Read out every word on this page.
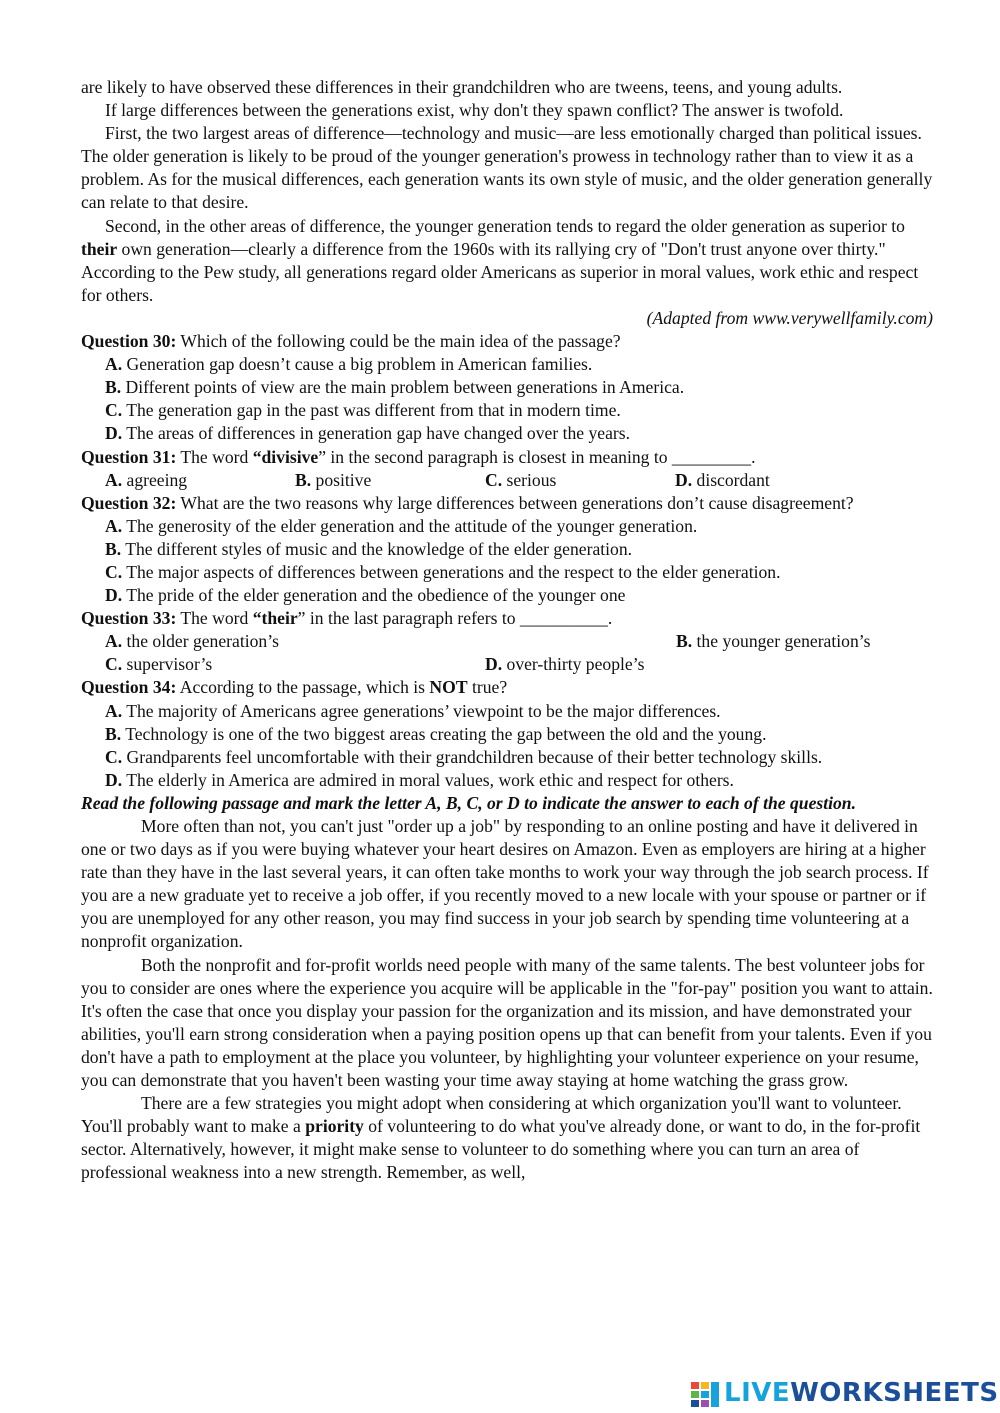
are likely to have observed these differences in their grandchildren who are tweens, teens, and young adults.

If large differences between the generations exist, why don't they spawn conflict? The answer is twofold.

First, the two largest areas of difference—technology and music—are less emotionally charged than political issues. The older generation is likely to be proud of the younger generation's prowess in technology rather than to view it as a problem. As for the musical differences, each generation wants its own style of music, and the older generation generally can relate to that desire.

Second, in the other areas of difference, the younger generation tends to regard the older generation as superior to their own generation—clearly a difference from the 1960s with its rallying cry of "Don't trust anyone over thirty." According to the Pew study, all generations regard older Americans as superior in moral values, work ethic and respect for others.

(Adapted from www.verywellfamily.com)

Question 30: Which of the following could be the main idea of the passage?

A. Generation gap doesn’t cause a big problem in American families.

B. Different points of view are the main problem between generations in America.

C. The generation gap in the past was different from that in modern time.

D. The areas of differences in generation gap have changed over the years.

Question 31: The word “divisive” in the second paragraph is closest in meaning to _________.

A. agreeing	B. positive	C. serious	D. discordant

Question 32: What are the two reasons why large differences between generations don’t cause disagreement?

A. The generosity of the elder generation and the attitude of the younger generation.

B. The different styles of music and the knowledge of the elder generation.

C. The major aspects of differences between generations and the respect to the elder generation.

D. The pride of the elder generation and the obedience of the younger one

Question 33: The word “their” in the last paragraph refers to __________.

A. the older generation’s	B. the younger generation’s
C. supervisor’s	D. over-thirty people’s

Question 34: According to the passage, which is NOT true?

A. The majority of Americans agree generations’ viewpoint to be the major differences.

B. Technology is one of the two biggest areas creating the gap between the old and the young.

C. Grandparents feel uncomfortable with their grandchildren because of their better technology skills.

D. The elderly in America are admired in moral values, work ethic and respect for others.

Read the following passage and mark the letter A, B, C, or D to indicate the answer to each of the question.

More often than not, you can't just "order up a job" by responding to an online posting and have it delivered in one or two days as if you were buying whatever your heart desires on Amazon. Even as employers are hiring at a higher rate than they have in the last several years, it can often take months to work your way through the job search process. If you are a new graduate yet to receive a job offer, if you recently moved to a new locale with your spouse or partner or if you are unemployed for any other reason, you may find success in your job search by spending time volunteering at a nonprofit organization.

Both the nonprofit and for-profit worlds need people with many of the same talents. The best volunteer jobs for you to consider are ones where the experience you acquire will be applicable in the "for-pay" position you want to attain. It's often the case that once you display your passion for the organization and its mission, and have demonstrated your abilities, you'll earn strong consideration when a paying position opens up that can benefit from your talents. Even if you don't have a path to employment at the place you volunteer, by highlighting your volunteer experience on your resume, you can demonstrate that you haven't been wasting your time away staying at home watching the grass grow.

There are a few strategies you might adopt when considering at which organization you'll want to volunteer. You'll probably want to make a priority of volunteering to do what you've already done, or want to do, in the for-profit sector. Alternatively, however, it might make sense to volunteer to do something where you can turn an area of professional weakness into a new strength. Remember, as well,

LIVEWORKSHEETS
